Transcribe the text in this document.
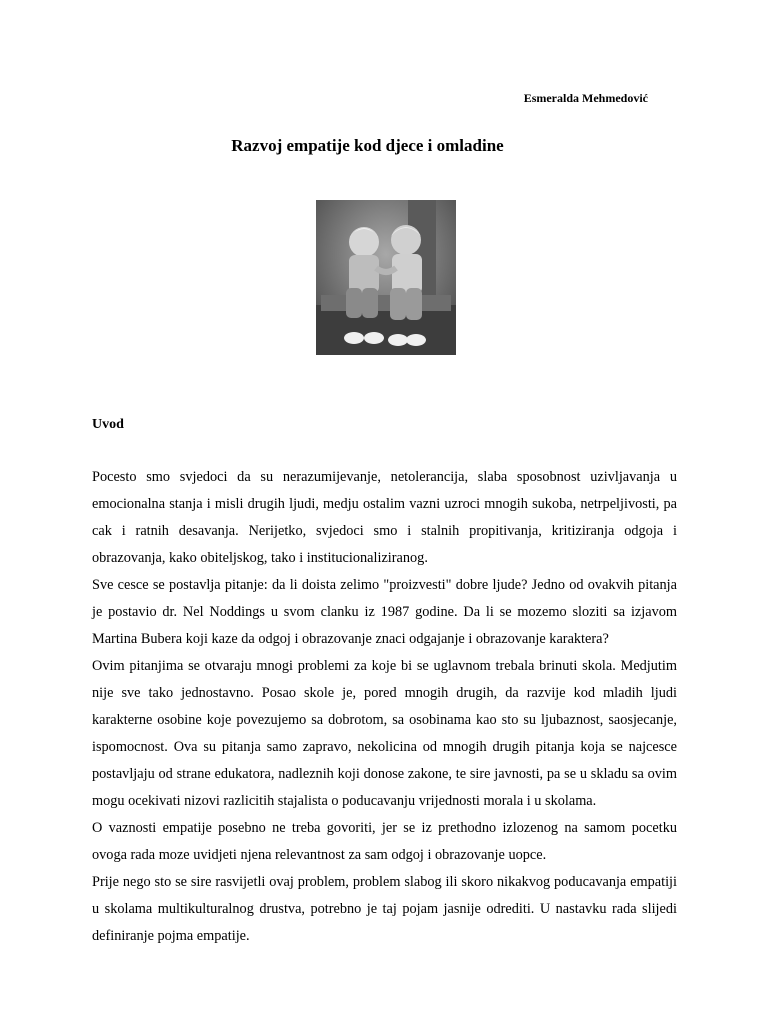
Esmeralda Mehmedović

Razvoj empatije kod djece i omladine
Uvod

Pocesto smo svjedoci da su nerazumijevanje, netolerancija, slaba sposobnost uzivljavanja u emocionalna stanja i misli drugih ljudi, medju ostalim vazni uzroci mnogih sukoba, netrpeljivosti, pa cak i ratnih desavanja. Nerijetko, svjedoci smo i stalnih propitivanja, kritiziranja odgoja i obrazovanja, kako obiteljskog, tako i institucionaliziranog.

Sve cesce se postavlja pitanje: da li doista zelimo "proizvesti" dobre ljude? Jedno od ovakvih pitanja je postavio dr. Nel Noddings u svom clanku iz 1987 godine. Da li se mozemo sloziti sa izjavom Martina Bubera koji kaze da odgoj i obrazovanje znaci odgajanje i obrazovanje karaktera?

Ovim pitanjima se otvaraju mnogi problemi za koje bi se uglavnom trebala brinuti skola. Medjutim nije sve tako jednostavno. Posao skole je, pored mnogih drugih, da razvije kod mladih ljudi karakterne osobine koje povezujemo sa dobrotom, sa osobinama kao sto su ljubaznost, saosjecanje, ispomocnost. Ova su pitanja samo zapravo, nekolicina od mnogih drugih pitanja koja se najcesce postavljaju od strane edukatora, nadleznih koji donose zakone, te sire javnosti, pa se u skladu sa ovim mogu ocekivati nizovi razlicitih stajalista o poducavanju vrijednosti morala i u skolama.

O vaznosti empatije posebno ne treba govoriti, jer se iz prethodno izlozenog na samom pocetku ovoga rada moze uvidjeti njena relevantnost za sam odgoj i obrazovanje uopce.

Prije nego sto se sire rasvijetli ovaj problem, problem slabog ili skoro nikakvog poducavanja empatiji u skolama multikulturalnog drustva, potrebno je taj pojam jasnije odrediti. U nastavku rada slijedi definiranje pojma empatije.
